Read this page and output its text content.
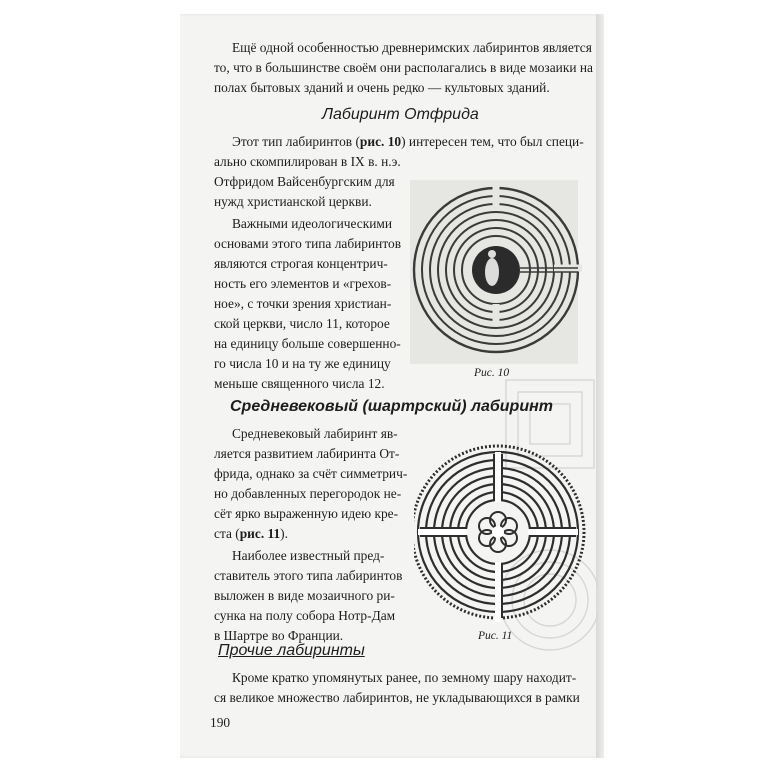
Ещё одной особенностью древнеримских лабиринтов является

то, что в большинстве своём они располагались в виде мозаики на

полах бытовых зданий и очень редко — культовых зданий.

Лабиринт Отфрида

Этот тип лабиринтов (рис. 10) интересен тем, что был специ-

ально скомпилирован в IX в. н.э.

Отфридом Вайсенбургским для

нужд христианской церкви.

Важными идеологическими

основами этого типа лабиринтов

являются строгая концентрич-

ность его элементов и «грехов-

ное», с точки зрения христиан-

ской церкви, число 11, которое

на единицу больше совершенно-

го числа 10 и на ту же единицу

меньше священного числа 12.

Рис. 10

Средневековый (шартрский) лабиринт

Средневековый лабиринт яв-

ляется развитием лабиринта От-

фрида, однако за счёт симметрич-

но добавленных перегородок не-

сёт ярко выраженную идею кре-

ста (рис. 11).

Наиболее известный пред-

ставитель этого типа лабиринтов

выложен в виде мозаичного ри-

сунка на полу собора Нотр-Дам

в Шартре во Франции.	Рис. 11

Прочие лабиринты

Кроме кратко упомянутых ранее, по земному шару находит-

ся великое множество лабиринтов, не укладывающихся в рамки

190
